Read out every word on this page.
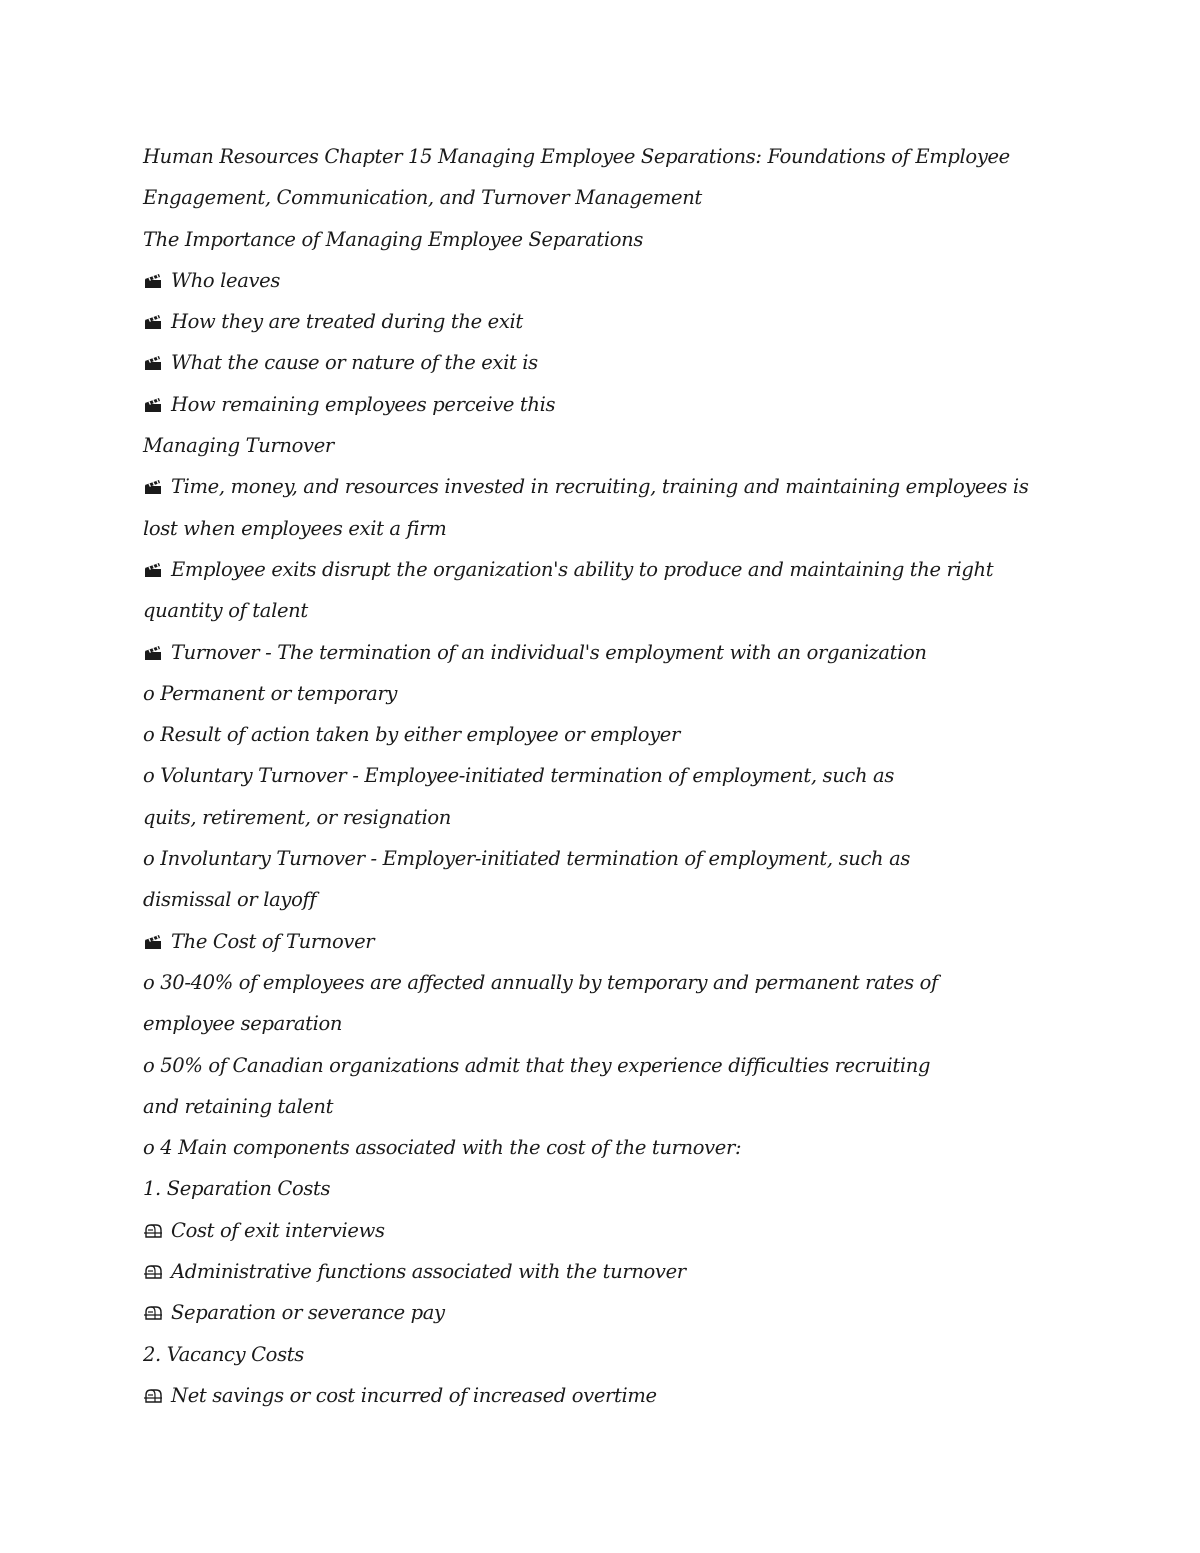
Human Resources Chapter 15 Managing Employee Separations: Foundations of Employee
Engagement, Communication, and Turnover Management
The Importance of Managing Employee Separations
Who leaves
How they are treated during the exit
What the cause or nature of the exit is
How remaining employees perceive this
Managing Turnover
Time, money, and resources invested in recruiting, training and maintaining employees is
lost when employees exit a firm
Employee exits disrupt the organization's ability to produce and maintaining the right
quantity of talent
Turnover - The termination of an individual's employment with an organization
o Permanent or temporary
o Result of action taken by either employee or employer
o Voluntary Turnover - Employee-initiated termination of employment, such as
quits, retirement, or resignation
o Involuntary Turnover - Employer-initiated termination of employment, such as
dismissal or layoff
The Cost of Turnover
o 30-40% of employees are affected annually by temporary and permanent rates of
employee separation
o 50% of Canadian organizations admit that they experience difficulties recruiting
and retaining talent
o 4 Main components associated with the cost of the turnover:
1. Separation Costs
Cost of exit interviews
Administrative functions associated with the turnover
Separation or severance pay
2. Vacancy Costs
Net savings or cost incurred of increased overtime
